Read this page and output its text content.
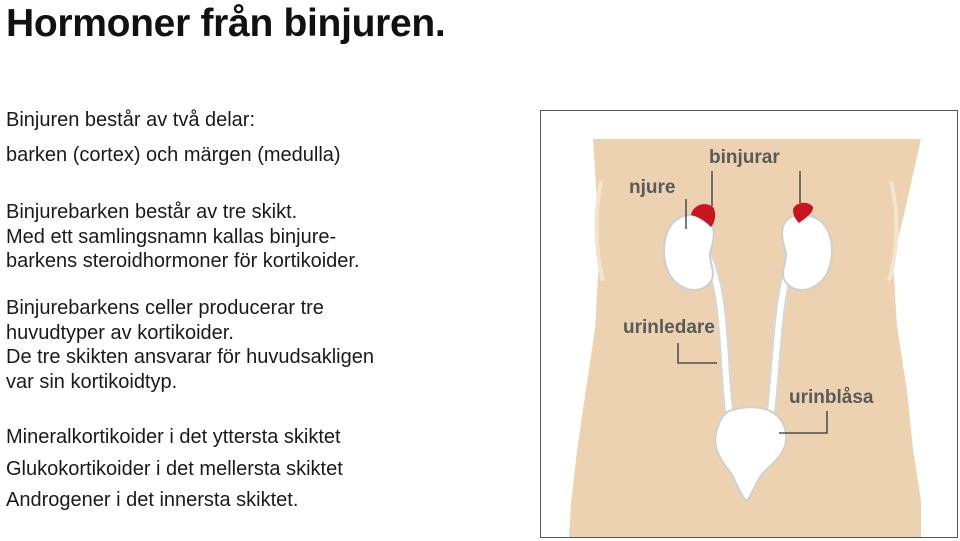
Hormoner från binjuren.

Binjuren består av två delar:

barken (cortex) och märgen (medulla)

Binjurebarken består av tre skikt.

Med ett samlingsnamn kallas binjure-

barkens steroidhormoner för kortikoider.

Binjurebarkens celler producerar tre

huvudtyper av kortikoider.

De tre skikten ansvarar för huvudsakligen

var sin kortikoidtyp.

Mineralkortikoider i det yttersta skiktet

Glukokortikoider i det mellersta skiktet

Androgener i det innersta skiktet.

binjurar
njure
urinledare
urinblåsa
